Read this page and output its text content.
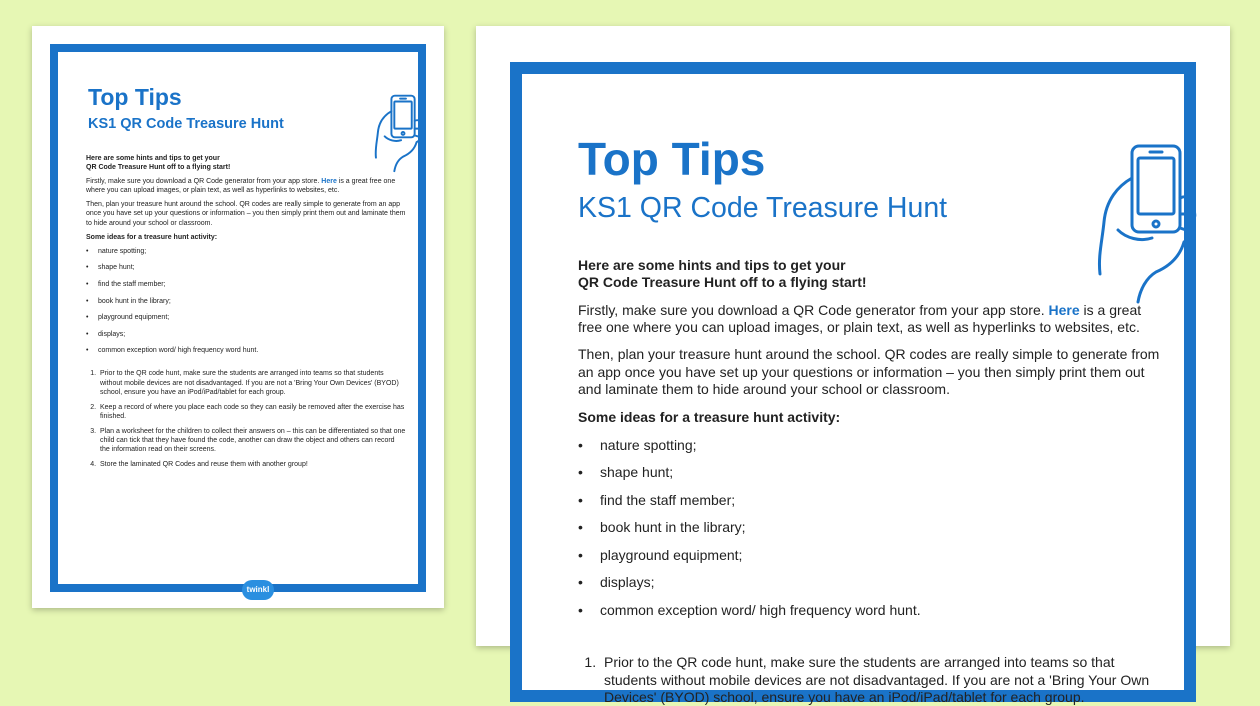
Top Tips
KS1 QR Code Treasure Hunt

Here are some hints and tips to get your
QR Code Treasure Hunt off to a flying start!

Firstly, make sure you download a QR Code generator from your app store. Here is a great free one where you can upload images, or plain text, as well as hyperlinks to websites, etc.

Then, plan your treasure hunt around the school. QR codes are really simple to generate from an app once you have set up your questions or information – you then simply print them out and laminate them to hide around your school or classroom.

Some ideas for a treasure hunt activity:

• nature spotting;
• shape hunt;
• find the staff member;
• book hunt in the library;
• playground equipment;
• displays;
• common exception word/ high frequency word hunt.
1. Prior to the QR code hunt, make sure the students are arranged into teams so that students without mobile devices are not disadvantaged. If you are not a 'Bring Your Own Devices' (BYOD) school, ensure you have an iPod/iPad/tablet for each group.
2. Keep a record of where you place each code so they can easily be removed after the exercise has finished.
3. Plan a worksheet for the children to collect their answers on – this can be differentiated so that one child can tick that they have found the code, another can draw the object and others can record the information read on their screens.
4. Store the laminated QR Codes and reuse them with another group!
twinkl
Top Tips
KS1 QR Code Treasure Hunt

Here are some hints and tips to get your
QR Code Treasure Hunt off to a flying start!

Firstly, make sure you download a QR Code generator from your app store. Here is a great free one where you can upload images, or plain text, as well as hyperlinks to websites, etc.

Then, plan your treasure hunt around the school. QR codes are really simple to generate from an app once you have set up your questions or information – you then simply print them out and laminate them to hide around your school or classroom.

Some ideas for a treasure hunt activity:

• nature spotting;
• shape hunt;
• find the staff member;
• book hunt in the library;
• playground equipment;
• displays;
• common exception word/ high frequency word hunt.
1. Prior to the QR code hunt, make sure the students are arranged into teams so that students without mobile devices are not disadvantaged. If you are not a 'Bring Your Own Devices' (BYOD) school, ensure you have an iPod/iPad/tablet for each group.
